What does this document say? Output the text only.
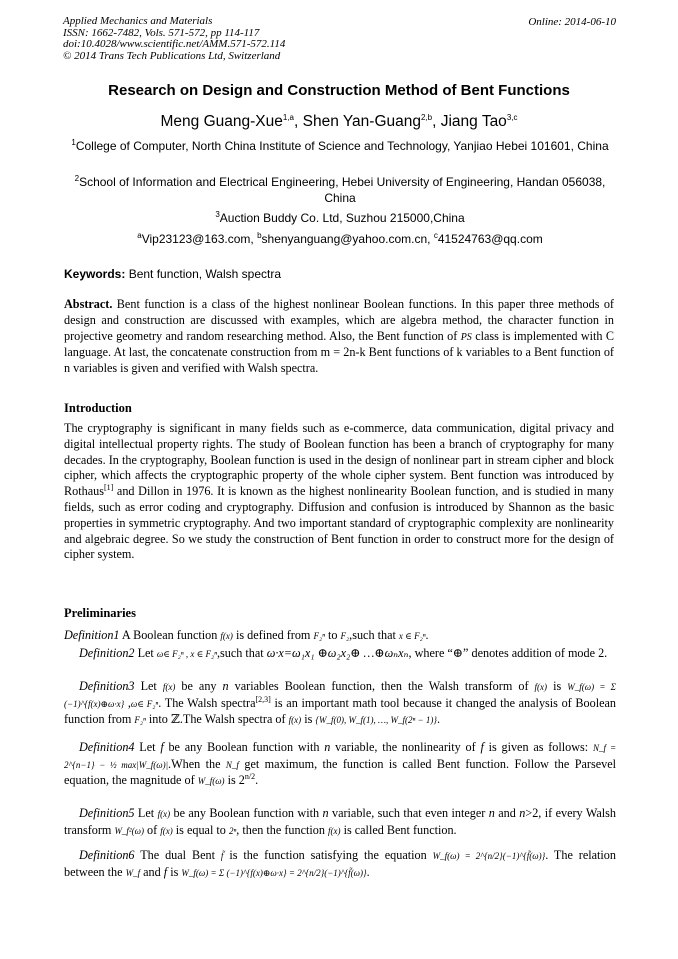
Applied Mechanics and Materials
ISSN: 1662-7482, Vols. 571-572, pp 114-117
doi:10.4028/www.scientific.net/AMM.571-572.114
© 2014 Trans Tech Publications Ltd, Switzerland
Online: 2014-06-10
Research on Design and Construction Method of Bent Functions
Meng Guang-Xue$^{1,a}$, Shen Yan-Guang$^{2,b}$, Jiang Tao$^{3,c}$
$^1$College of Computer, North China Institute of Science and Technology, Yanjiao Hebei 101601, China
$^2$School of Information and Electrical Engineering, Hebei University of Engineering, Handan 056038, China
$^3$Auction Buddy Co. Ltd, Suzhou 215000,China
$^a$Vip23123@163.com, $^b$shenyanguang@yahoo.com.cn, $^c$41524763@qq.com
Keywords: Bent function, Walsh spectra
Abstract. Bent function is a class of the highest nonlinear Boolean functions. In this paper three methods of design and construction are discussed with examples, which are algebra method, the character function in projective geometry and random researching method. Also, the Bent function of PS class is implemented with C language. At last, the concatenate construction from m = 2n-k Bent functions of k variables to a Bent function of n variables is given and verified with Walsh spectra.
Introduction
The cryptography is significant in many fields such as e-commerce, data communication, digital privacy and digital intellectual property rights. The study of Boolean function has been a branch of cryptography for many decades. In the cryptography, Boolean function is used in the design of nonlinear part in stream cipher and block cipher, which affects the cryptographic property of the whole cipher system. Bent function was introduced by Rothaus[1] and Dillon in 1976. It is known as the highest nonlinearity Boolean function, and is studied in many fields, such as error coding and cryptography. Diffusion and confusion is introduced by Shannon as the basic properties in symmetric cryptography. And two important standard of cryptographic complexity are nonlinearity and algebraic degree. So we study the construction of Bent function in order to construct more for the design of cipher system.
Preliminaries
Definition1 A Boolean function f(x) is defined from F₂ⁿ to F₂,such that x ∈ F₂ⁿ.
Definition2 Let ω∈ F₂ⁿ , x ∈ F₂ⁿ,such that ω·x=ω₁x₁ ⊕ω₂x₂⊕ …⊕ωₙxₙ, where “⊕” denotes addition of mode 2.
Definition3 Let f(x) be any n variables Boolean function, then the Walsh transform of f(x) is W_f(ω) = Σ (−1)^{f(x)⊕ω·x} ,ω∈ F₂ⁿ. The Walsh spectra[2,3] is an important math tool because it changed the analysis of Boolean function from F₂ⁿ into ℤ.The Walsh spectra of f(x) is {W_f(0), W_f(1), …, W_f(2ⁿ − 1)}.
Definition4 Let f be any Boolean function with n variable, the nonlinearity of f is given as follows: N_f = 2^{n−1} − ½ max|W_f(ω)|.When the N_f get maximum, the function is called Bent function. Follow the Parsevel equation, the magnitude of W_f(ω) is $2^{n/2}$.
Definition5 Let f(x) be any Boolean function with n variable, such that even integer n and n>2, if every Walsh transform W_f²(ω) of f(x) is equal to 2ⁿ, then the function f(x) is called Bent function.
Definition6 The dual Bent f̃ is the function satisfying the equation W_f(ω) = 2^{n/2}(−1)^{f̃(ω)}. The relation between the W_f and f is W_f(ω) = Σ (−1)^{f(x)⊕ω·x} = 2^{n/2}(−1)^{f̃(ω)}.
